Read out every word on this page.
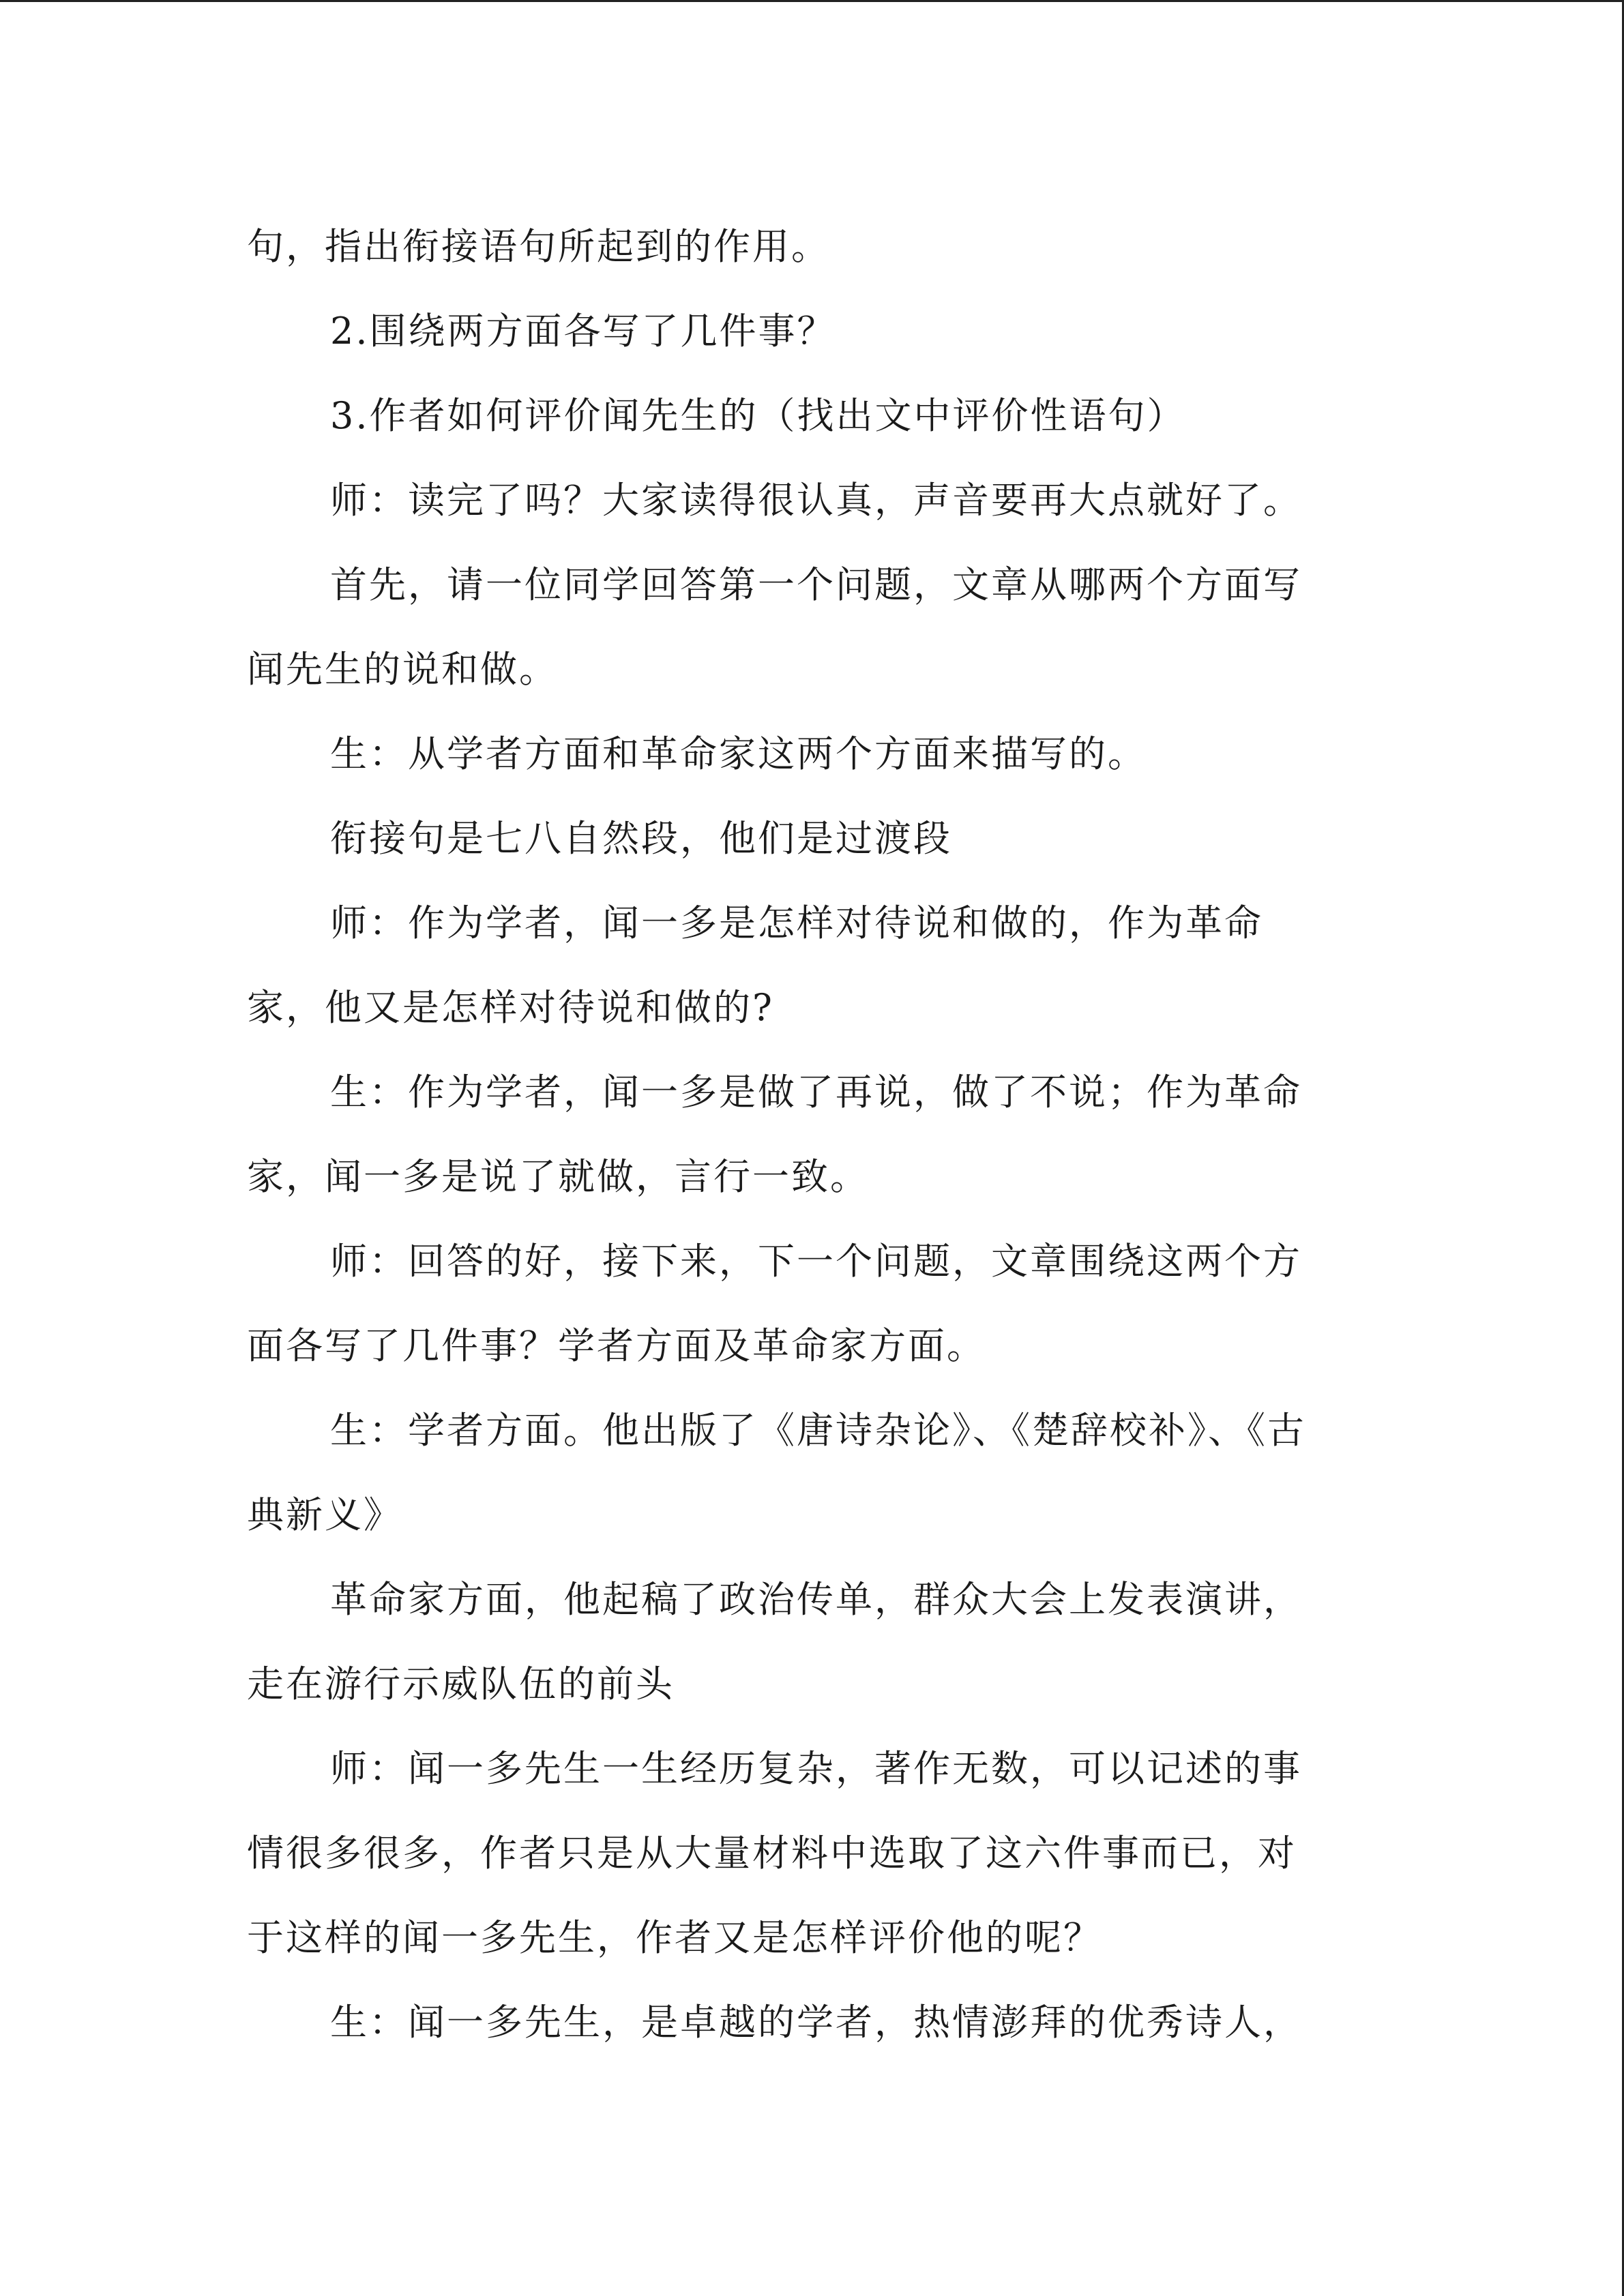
句，指出衔接语句所起到的作用。
2.围绕两方面各写了几件事？
3.作者如何评价闻先生的（找出文中评价性语句）
师：读完了吗？大家读得很认真，声音要再大点就好了。
首先，请一位同学回答第一个问题，文章从哪两个方面写
闻先生的说和做。
生：从学者方面和革命家这两个方面来描写的。
衔接句是七八自然段，他们是过渡段
师：作为学者，闻一多是怎样对待说和做的，作为革命
家，他又是怎样对待说和做的?
生：作为学者，闻一多是做了再说，做了不说；作为革命
家，闻一多是说了就做，言行一致。
师：回答的好，接下来，下一个问题，文章围绕这两个方
面各写了几件事？学者方面及革命家方面。
生：学者方面。他出版了《唐诗杂论》、《楚辞校补》、《古
典新义》
革命家方面，他起稿了政治传单，群众大会上发表演讲，
走在游行示威队伍的前头
师：闻一多先生一生经历复杂，著作无数，可以记述的事
情很多很多，作者只是从大量材料中选取了这六件事而已，对
于这样的闻一多先生，作者又是怎样评价他的呢？
生：闻一多先生，是卓越的学者，热情澎拜的优秀诗人，
